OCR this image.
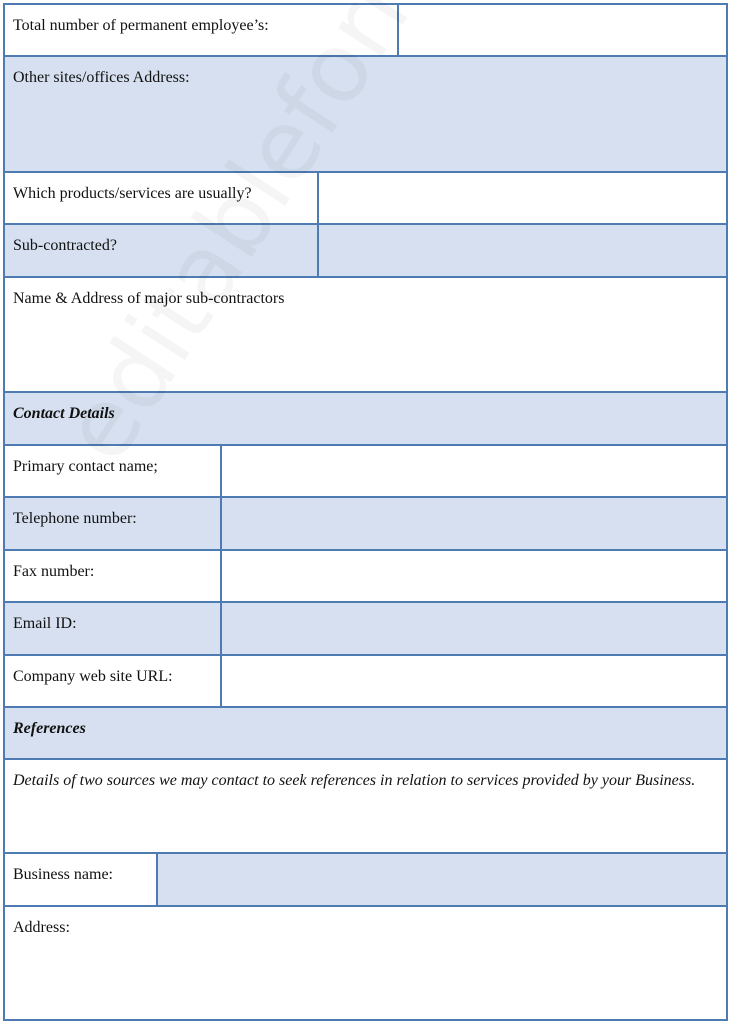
Total number of permanent employee’s:
Other sites/offices Address:
Which products/services are usually?
Sub-contracted?
Name & Address of major sub-contractors
Contact Details
Primary contact name;
Telephone number:
Fax number:
Email ID:
Company web site URL:
References
Details of two sources we may contact to seek references in relation to services provided by your Business.
Business name:
Address:
